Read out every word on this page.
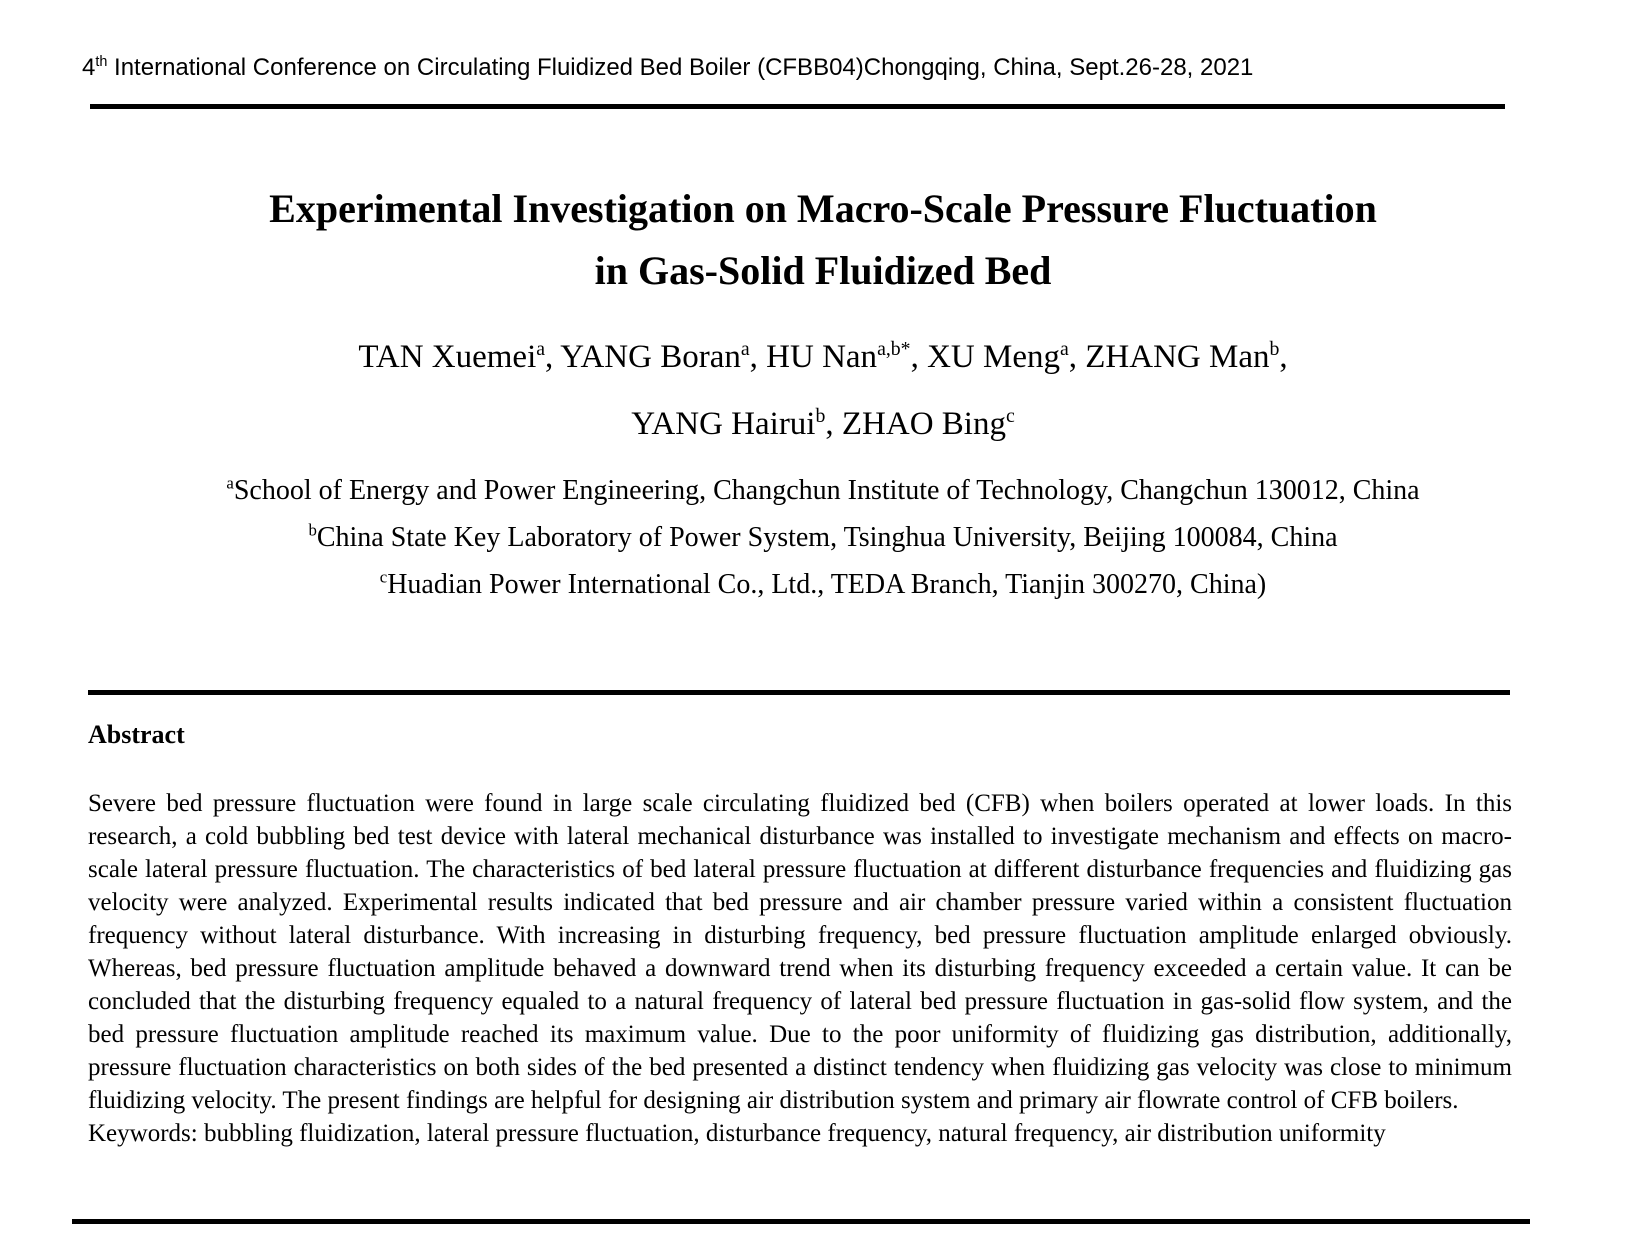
4th International Conference on Circulating Fluidized Bed Boiler (CFBB04)Chongqing, China, Sept.26-28, 2021
Experimental Investigation on Macro-Scale Pressure Fluctuation
in Gas-Solid Fluidized Bed
TAN Xuemei$^a$, YANG Boran$^a$, HU Nan$^{a,b*}$, XU Meng$^a$, ZHANG Man$^b$,
YANG Hairui$^b$, ZHAO Bing$^c$
$^a$School of Energy and Power Engineering, Changchun Institute of Technology, Changchun 130012, China
$^b$China State Key Laboratory of Power System, Tsinghua University, Beijing 100084, China
$^c$Huadian Power International Co., Ltd., TEDA Branch, Tianjin 300270, China)
Abstract
Severe bed pressure fluctuation were found in large scale circulating fluidized bed (CFB) when boilers operated at lower loads. In this research, a cold bubbling bed test device with lateral mechanical disturbance was installed to investigate mechanism and effects on macro-scale lateral pressure fluctuation. The characteristics of bed lateral pressure fluctuation at different disturbance frequencies and fluidizing gas velocity were analyzed. Experimental results indicated that bed pressure and air chamber pressure varied within a consistent fluctuation frequency without lateral disturbance. With increasing in disturbing frequency, bed pressure fluctuation amplitude enlarged obviously. Whereas, bed pressure fluctuation amplitude behaved a downward trend when its disturbing frequency exceeded a certain value. It can be concluded that the disturbing frequency equaled to a natural frequency of lateral bed pressure fluctuation in gas-solid flow system, and the bed pressure fluctuation amplitude reached its maximum value. Due to the poor uniformity of fluidizing gas distribution, additionally, pressure fluctuation characteristics on both sides of the bed presented a distinct tendency when fluidizing gas velocity was close to minimum fluidizing velocity. The present findings are helpful for designing air distribution system and primary air flowrate control of CFB boilers.
Keywords: bubbling fluidization, lateral pressure fluctuation, disturbance frequency, natural frequency, air distribution uniformity
